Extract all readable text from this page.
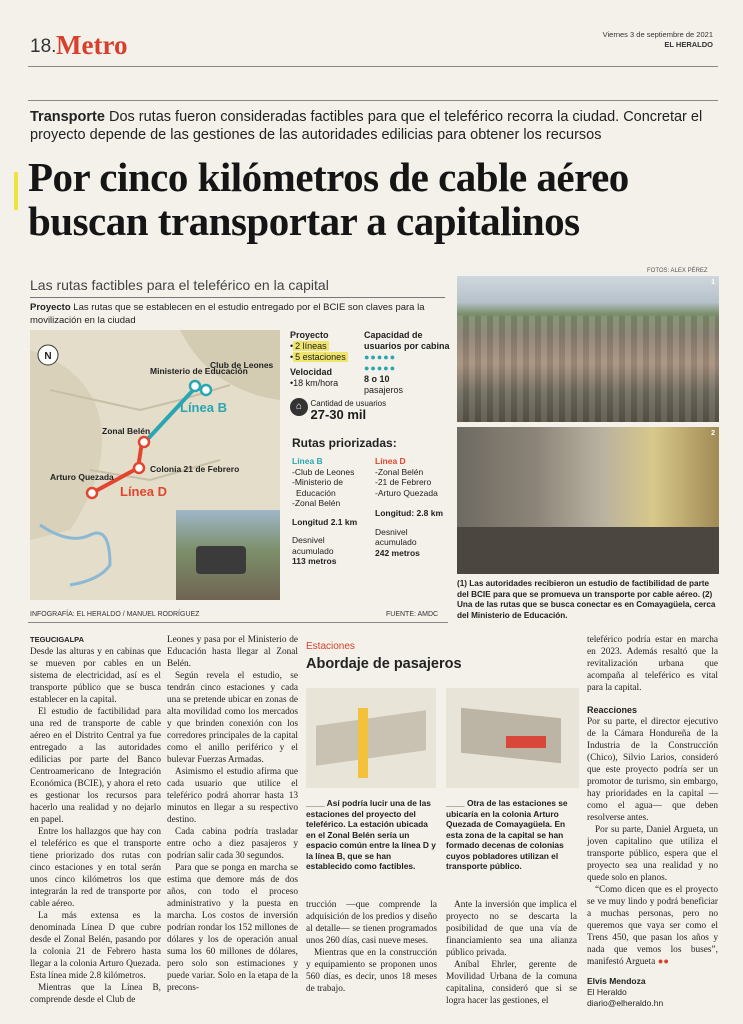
18. Metro	Viernes 3 de septiembre de 2021
EL HERALDO
Transporte Dos rutas fueron consideradas factibles para que el teleférico recorra la ciudad. Concretar el proyecto depende de las gestiones de las autoridades edilicias para obtener los recursos
Por cinco kilómetros de cable aéreo buscan transportar a capitalinos
Las rutas factibles para el teleférico en la capital
Proyecto Las rutas que se establecen en el estudio entregado por el BCIE son claves para la movilización en la ciudad
N
Línea B
Línea D
Ministerio de Educación
Club de Leones
Zonal Belén
Colonia 21 de Febrero
Arturo Quezada
Proyecto
• 2 líneas
• 5 estaciones
Velocidad
•18 km/hora
Capacidad de usuarios por cabina
●●●●●
●●●●●
8 o 10
pasajeros
⌂ Cantidad de usuarios
27-30 mil
Rutas priorizadas:
Línea B
-Club de Leones
-Ministerio de
Educación
-Zonal Belén
Longitud 2.1 km
Desnivel acumulado
113 metros
Línea D
-Zonal Belén
-21 de Febrero
-Arturo Quezada
Longitud: 2.8 km
Desnivel acumulado
242 metros
INFOGRAFÍA: EL HERALDO / MANUEL RODRÍGUEZ	FUENTE: AMDC
FOTOS: ALEX PÉREZ
1
2
(1) Las autoridades recibieron un estudio de factibilidad de parte del BCIE para que se promueva un transporte por cable aéreo. (2) Una de las rutas que se busca conectar es en Comayagüela, cerca del Ministerio de Educación.
TEGUCIGALPA

Desde las alturas y en cabinas que se mueven por cables en un sistema de electricidad, así es el transporte público que se busca establecer en la capital.

El estudio de factibilidad para una red de transporte de cable aéreo en el Distrito Central ya fue entregado a las autoridades edilicias por parte del Banco Centroamericano de Integración Económica (BCIE), y ahora el reto es gestionar los recursos para hacerlo una realidad y no dejarlo en papel.

Entre los hallazgos que hay con el teleférico es que el transporte tiene priorizado dos rutas con cinco estaciones y en total serán unos cinco kilómetros los que integrarán la red de transporte por cable aéreo.

La más extensa es la denominada Línea D que cubre desde el Zonal Belén, pasando por la colonia 21 de Febrero hasta llegar a la colonia Arturo Quezada. Esta línea mide 2.8 kilómetros.

Mientras que la Línea B, comprende desde el Club de

Leones y pasa por el Ministerio de Educación hasta llegar al Zonal Belén.

Según revela el estudio, se tendrán cinco estaciones y cada una se pretende ubicar en zonas de alta movilidad como los mercados y que brinden conexión con los corredores principales de la capital como el anillo periférico y el bulevar Fuerzas Armadas.

Asimismo el estudio afirma que cada usuario que utilice el teleférico podrá ahorrar hasta 13 minutos en llegar a su respectivo destino.

Cada cabina podría trasladar entre ocho a diez pasajeros y podrían salir cada 30 segundos.

Para que se ponga en marcha se estima que demore más de dos años, con todo el proceso administrativo y la puesta en marcha. Los costos de inversión podrían rondar los 152 millones de dólares y los de operación anual suma los 60 millones de dólares, pero solo son estimaciones y puede variar. Solo en la etapa de la precons-

Estaciones
Abordaje de pasajeros
____ Así podría lucir una de las estaciones del proyecto del teleférico. La estación ubicada en el Zonal Belén sería un espacio común entre la línea D y la línea B, que se han establecido como factibles.
____ Otra de las estaciones se ubicaría en la colonia Arturo Quezada de Comayagüela. En esta zona de la capital se han formado decenas de colonias cuyos pobladores utilizan el transporte público.

trucción —que comprende la adquisición de los predios y diseño al detalle— se tienen programados unos 260 días, casi nueve meses.

Mientras que en la construcción y equipamiento se proponen unos 560 días, es decir, unos 18 meses de trabajo.

Ante la inversión que implica el proyecto no se descarta la posibilidad de que una vía de financiamiento sea una alianza público privada.

Aníbal Ehrler, gerente de Movilidad Urbana de la comuna capitalina, consideró que si se logra hacer las gestiones, el

teleférico podría estar en marcha en 2023. Además resaltó que la revitalización urbana que acompaña al teleférico es vital para la capital.

Reacciones

Por su parte, el director ejecutivo de la Cámara Hondureña de la Industria de la Construcción (Chico), Silvio Larios, consideró que este proyecto podría ser un promotor de turismo, sin embargo, hay prioridades en la capital —como el agua— que deben resolverse antes.

Por su parte, Daniel Argueta, un joven capitalino que utiliza el transporte público, espera que el proyecto sea una realidad y no quede solo en planos.

“Como dicen que es el proyecto se ve muy lindo y podrá beneficiar a muchas personas, pero no queremos que vaya ser como el Trens 450, que pasan los años y nada que vemos los buses”, manifestó Argueta ●●

Elvis Mendoza
El Heraldo
diario@elheraldo.hn
